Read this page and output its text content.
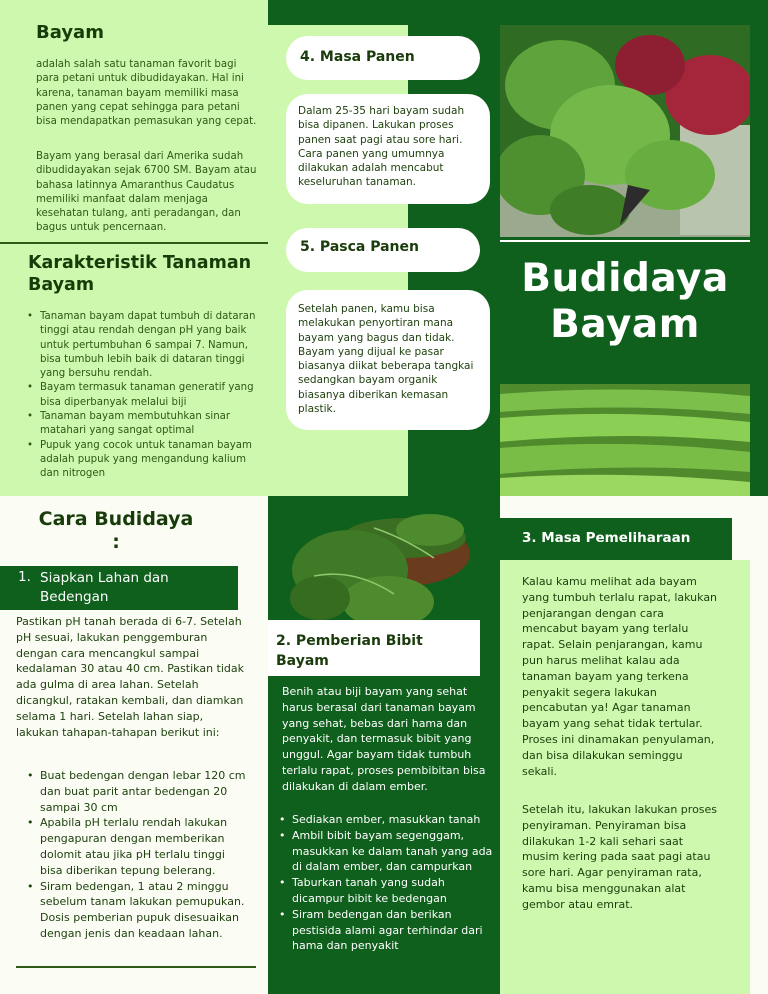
Bayam

adalah salah satu tanaman favorit bagi para petani untuk dibudidayakan. Hal ini karena, tanaman bayam memiliki masa panen yang cepat sehingga para petani bisa mendapatkan pemasukan yang cepat.

Bayam yang berasal dari Amerika sudah dibudidayakan sejak 6700 SM. Bayam atau bahasa latinnya Amaranthus Caudatus memiliki manfaat dalam menjaga kesehatan tulang, anti peradangan, dan bagus untuk pencernaan.

Karakteristik Tanaman Bayam
• Tanaman bayam dapat tumbuh di dataran tinggi atau rendah dengan pH yang baik untuk pertumbuhan 6 sampai 7. Namun, bisa tumbuh lebih baik di dataran tinggi yang bersuhu rendah.
• Bayam termasuk tanaman generatif yang bisa diperbanyak melalui biji
• Tanaman bayam membutuhkan sinar matahari yang sangat optimal
• Pupuk yang cocok untuk tanaman bayam adalah pupuk yang mengandung kalium dan nitrogen
4. Masa Panen

Dalam 25-35 hari bayam sudah bisa dipanen. Lakukan proses panen saat pagi atau sore hari. Cara panen yang umumnya dilakukan adalah mencabut keseluruhan tanaman.

5. Pasca Panen

Setelah panen, kamu bisa melakukan penyortiran mana bayam yang bagus dan tidak. Bayam yang dijual ke pasar biasanya diikat beberapa tangkai sedangkan bayam organik biasanya diberikan kemasan plastik.

Budidaya
Bayam
Cara Budidaya :
1. Siapkan Lahan dan Bedengan

Pastikan pH tanah berada di 6-7. Setelah pH sesuai, lakukan penggemburan dengan cara mencangkul sampai kedalaman 30 atau 40 cm. Pastikan tidak ada gulma di area lahan. Setelah dicangkul, ratakan kembali, dan diamkan selama 1 hari. Setelah lahan siap, lakukan tahapan-tahapan berikut ini:

• Buat bedengan dengan lebar 120 cm dan buat parit antar bedengan 20 sampai 30 cm
• Apabila pH terlalu rendah lakukan pengapuran dengan memberikan dolomit atau jika pH terlalu tinggi bisa diberikan tepung belerang.
• Siram bedengan, 1 atau 2 minggu sebelum tanam lakukan pemupukan. Dosis pemberian pupuk disesuaikan dengan jenis dan keadaan lahan.
2. Pemberian Bibit Bayam

Benih atau biji bayam yang sehat harus berasal dari tanaman bayam yang sehat, bebas dari hama dan penyakit, dan termasuk bibit yang unggul. Agar bayam tidak tumbuh terlalu rapat, proses pembibitan bisa dilakukan di dalam ember.

• Sediakan ember, masukkan tanah
• Ambil bibit bayam segenggam, masukkan ke dalam tanah yang ada di dalam ember, dan campurkan
• Taburkan tanah yang sudah dicampur bibit ke bedengan
• Siram bedengan dan berikan pestisida alami agar terhindar dari hama dan penyakit
3. Masa Pemeliharaan

Kalau kamu melihat ada bayam yang tumbuh terlalu rapat, lakukan penjarangan dengan cara mencabut bayam yang terlalu rapat. Selain penjarangan, kamu pun harus melihat kalau ada tanaman bayam yang terkena penyakit segera lakukan pencabutan ya! Agar tanaman bayam yang sehat tidak tertular. Proses ini dinamakan penyulaman, dan bisa dilakukan seminggu sekali.

Setelah itu, lakukan lakukan proses penyiraman. Penyiraman bisa dilakukan 1-2 kali sehari saat musim kering pada saat pagi atau sore hari. Agar penyiraman rata, kamu bisa menggunakan alat gembor atau emrat.
